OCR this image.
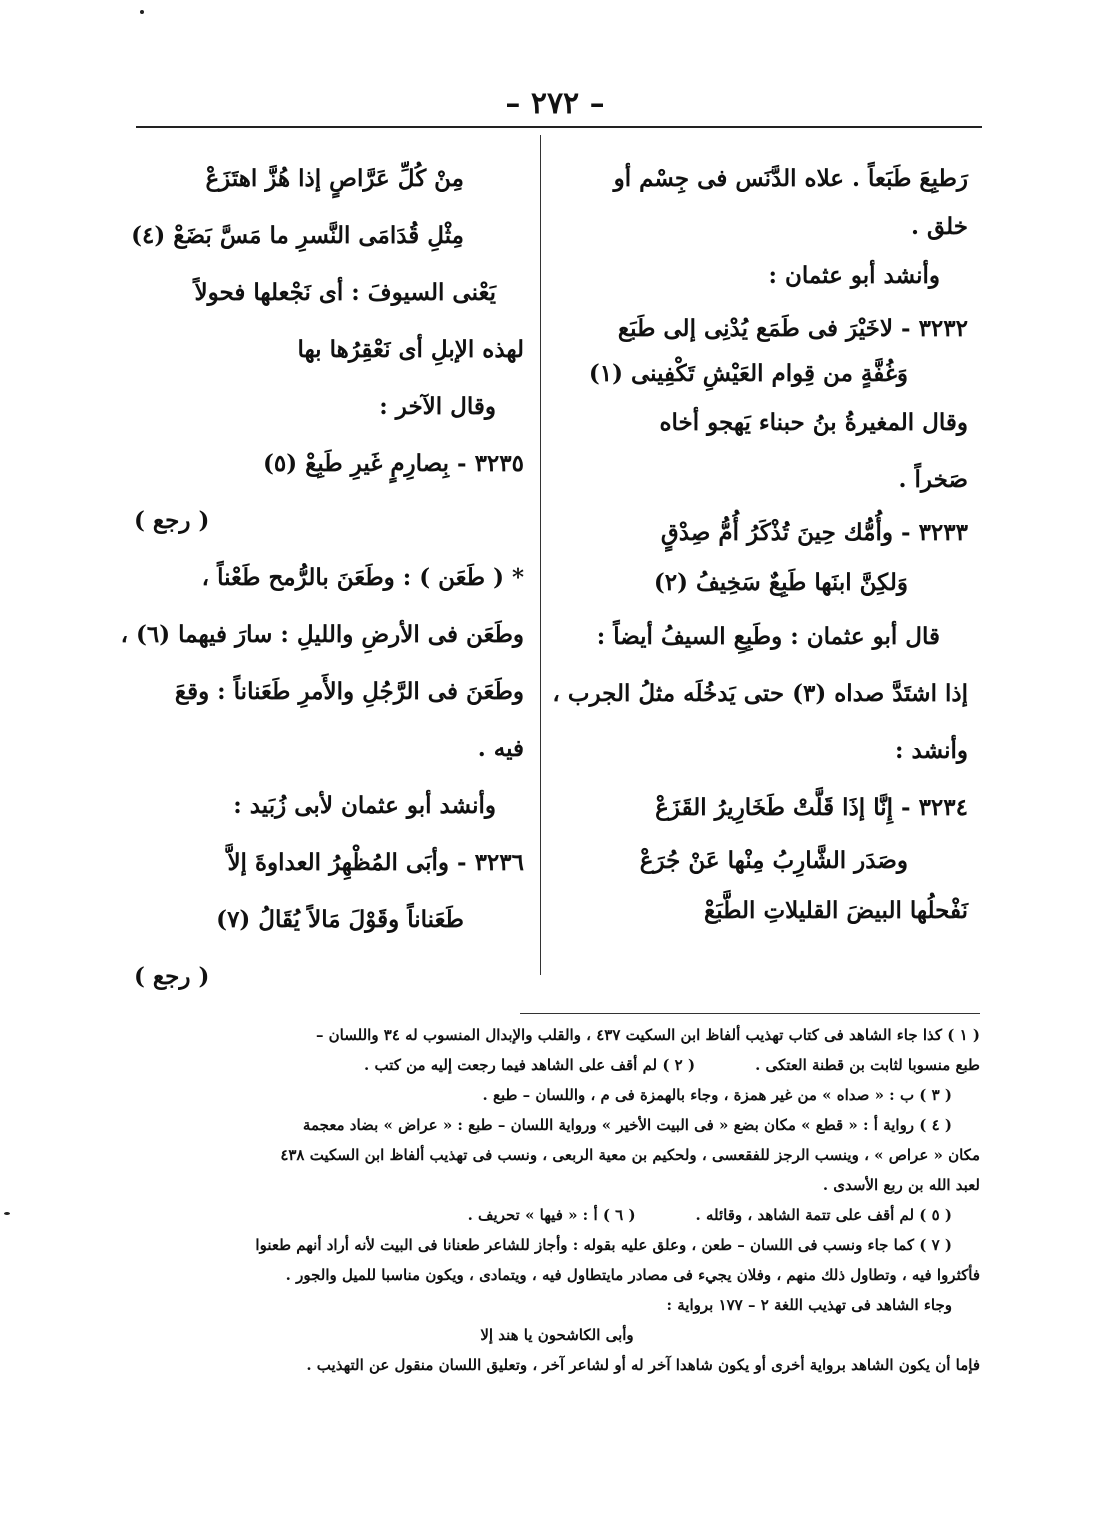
– ٢٧٢ –
رَطبِعَ طَبَعاً . علاه الدَّنَس فى جِسْم أو
خلق .
وأنشد أبو عثمان :
٣٢٣٢ - لاخَيْرَ فى طَمَع يُدْنِى إلى طَبَع
وَغُفَّةٍ من قِوام العَيْشِ تَكْفِينى (١)
وقال المغيرةُ بنُ حبناء يَهجو أخاه
صَخراً .
٣٢٣٣ - وأُمُّك حِينَ تُذْكَرُ أُمُّ صِدْقٍ
وَلكِنَّ ابنَها طَبِعٌ سَخِيفُ (٢)
قال أبو عثمان : وطَبِعِ السيفُ أيضاً :
إذا اشتَدَّ صداه (٣) حتى يَدخُلَه مثلُ الجرب ،
وأنشد :
٣٢٣٤ - إِنَّا إذَا قَلَّتْ طَخَارِيرُ القَزَعْ
وصَدَر الشَّارِبُ مِنْها عَنْ جُرَعْ
نَفْحلُها البيضَ القليلاتِ الطَّبَعْ
مِنْ كُلِّ عَرَّاصٍ إذا هُزَّ اهتَزَعْ
مِثْلِ قُدَامَى النَّسرِ ما مَسَّ بَضَعْ (٤)
يَعْنى السيوفَ : أى نَجْعلها فحولاً
لهذه الإبلِ أى نَعْقِرُها بها
وقال الآخر :
٣٢٣٥ - بِصارِمٍ غَيرِ طَبِعْ (٥)
( رجع )
* ( طَعَن ) : وطَعَنَ بالرُّمح طَعْناً ،
وطَعَن فى الأرضِ والليلِ : سارَ فيهما (٦) ،
وطَعَنَ فى الرَّجُلِ والأَمرِ طَعَناناً : وقعَ
فيه .
وأنشد أبو عثمان لأبى زُبَيد :
٣٢٣٦ - وأبَى المُظْهِرُ العداوةَ إلاَّ
طَعَناناً وقَوْلَ مَالاً يُقَالُ (٧)
( رجع )
( ١ ) كذا جاء الشاهد فى كتاب تهذيب ألفاظ ابن السكيت ٤٣٧ ، والقلب والإبدال المنسوب له ٣٤ واللسان –
طبع منسوبا لثابت بن قطنة العتكى .( ٢ ) لم أقف على الشاهد فيما رجعت إليه من كتب .
( ٣ ) ب : « صداه » من غير همزة ، وجاء بالهمزة فى م ، واللسان – طبع .
( ٤ ) رواية أ : « قطع » مكان بضع « فى البيت الأخير » ورواية اللسان – طبع : « عراض » بضاد معجمة
مكان « عراص » ، وينسب الرجز للفقعسى ، ولحكيم بن معية الربعى ، ونسب فى تهذيب ألفاظ ابن السكيت ٤٣٨
لعبد الله بن ربع الأسدى .
( ٥ ) لم أقف على تتمة الشاهد ، وقائله .( ٦ ) أ : « فيها » تحريف .
( ٧ ) كما جاء ونسب فى اللسان – طعن ، وعلق عليه بقوله : وأجاز للشاعر طعنانا فى البيت لأنه أراد أنهم طعنوا
فأكثروا فيه ، وتطاول ذلك منهم ، وفلان يجيء فى مصادر مايتطاول فيه ، ويتمادى ، ويكون مناسبا للميل والجور .
وجاء الشاهد فى تهذيب اللغة ٢ – ١٧٧ برواية :
وأبى الكاشحون يا هند إلا
فإما أن يكون الشاهد برواية أخرى أو يكون شاهدا آخر له أو لشاعر آخر ، وتعليق اللسان منقول عن التهذيب .
